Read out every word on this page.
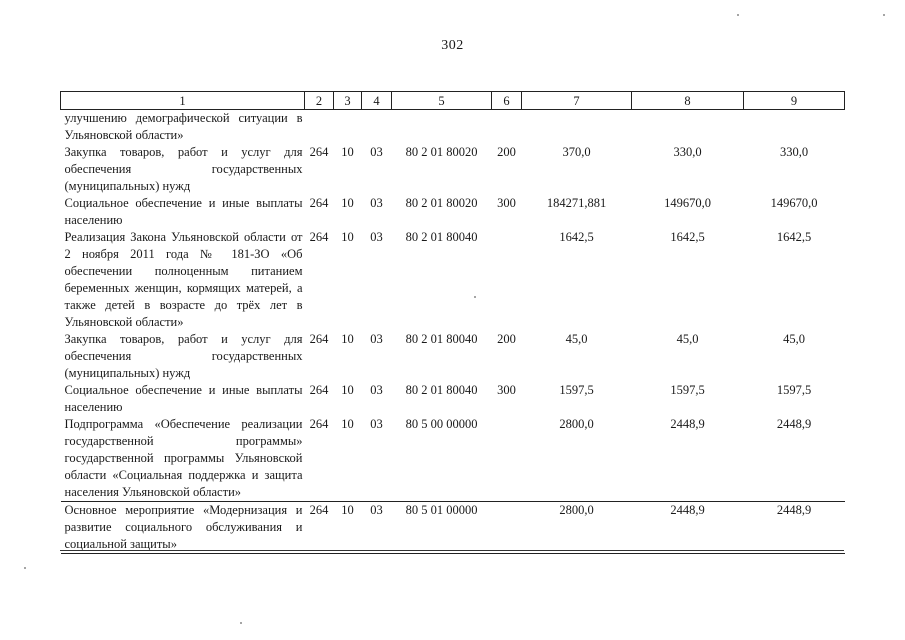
302
1	2	3	4	5	6	7	8	9
улучшению демографической ситуации в Ульяновской области»								
Закупка товаров, работ и услуг для обеспечения государственных (муниципальных) нужд	264	10	03	80 2 01 80020	200	370,0	330,0	330,0
Социальное обеспечение и иные выплаты населению	264	10	03	80 2 01 80020	300	184271,881	149670,0	149670,0
Реализация Закона Ульяновской области от 2 ноября 2011 года № 181-ЗО «Об обеспечении полноценным питанием беременных женщин, кормящих матерей, а также детей в возрасте до трёх лет в Ульяновской области»	264	10	03	80 2 01 80040		1642,5	1642,5	1642,5
Закупка товаров, работ и услуг для обеспечения государственных (муниципальных) нужд	264	10	03	80 2 01 80040	200	45,0	45,0	45,0
Социальное обеспечение и иные выплаты населению	264	10	03	80 2 01 80040	300	1597,5	1597,5	1597,5
Подпрограмма «Обеспечение реализации государственной программы» государственной программы Ульяновской области «Социальная поддержка и защита населения Ульяновской области»	264	10	03	80 5 00 00000		2800,0	2448,9	2448,9
Основное мероприятие «Модернизация и развитие социального обслуживания и социальной защиты»	264	10	03	80 5 01 00000		2800,0	2448,9	2448,9
